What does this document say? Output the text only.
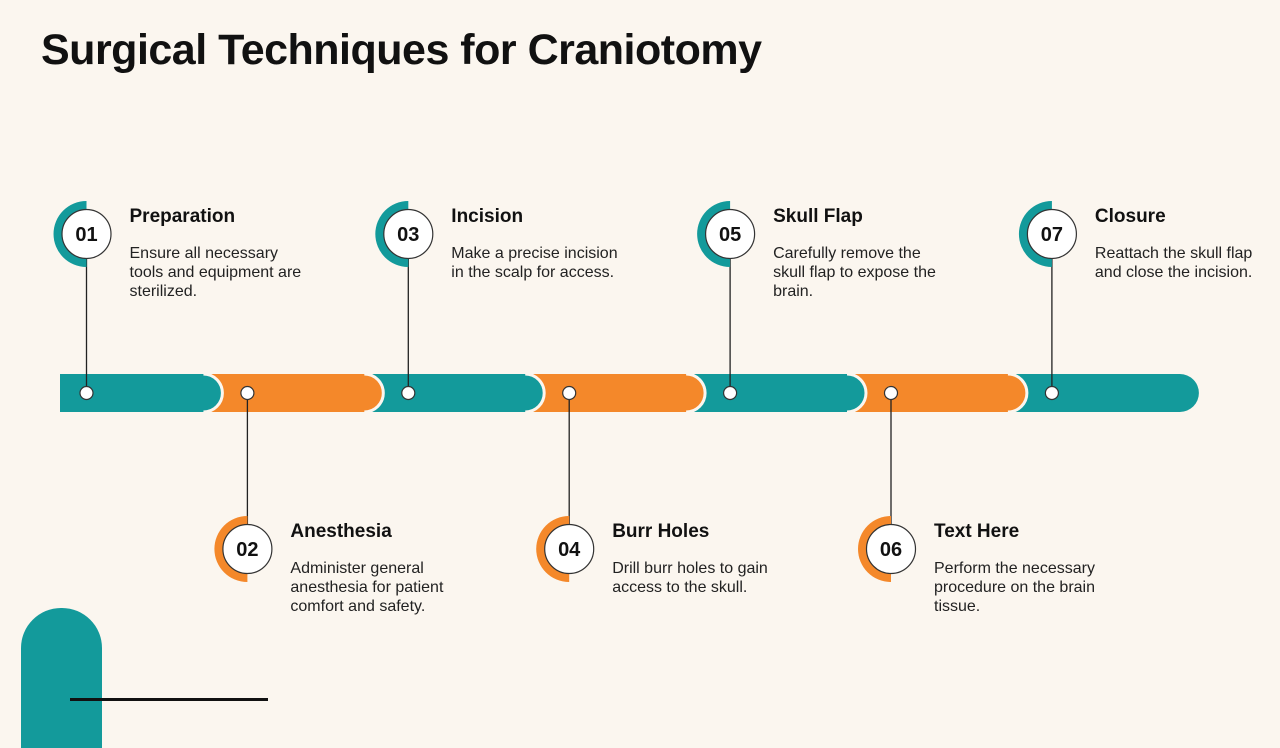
Surgical Techniques for Craniotomy
01
02
03
04
05
06
07
Preparation
Ensure all necessary tools and equipment are sterilized.
Anesthesia
Administer general anesthesia for patient comfort and safety.
Incision
Make a precise incision in the scalp for access.
Burr Holes
Drill burr holes to gain access to the skull.
Skull Flap
Carefully remove the skull flap to expose the brain.
Text Here
Perform the necessary procedure on the brain tissue.
Closure
Reattach the skull flap and close the incision.
